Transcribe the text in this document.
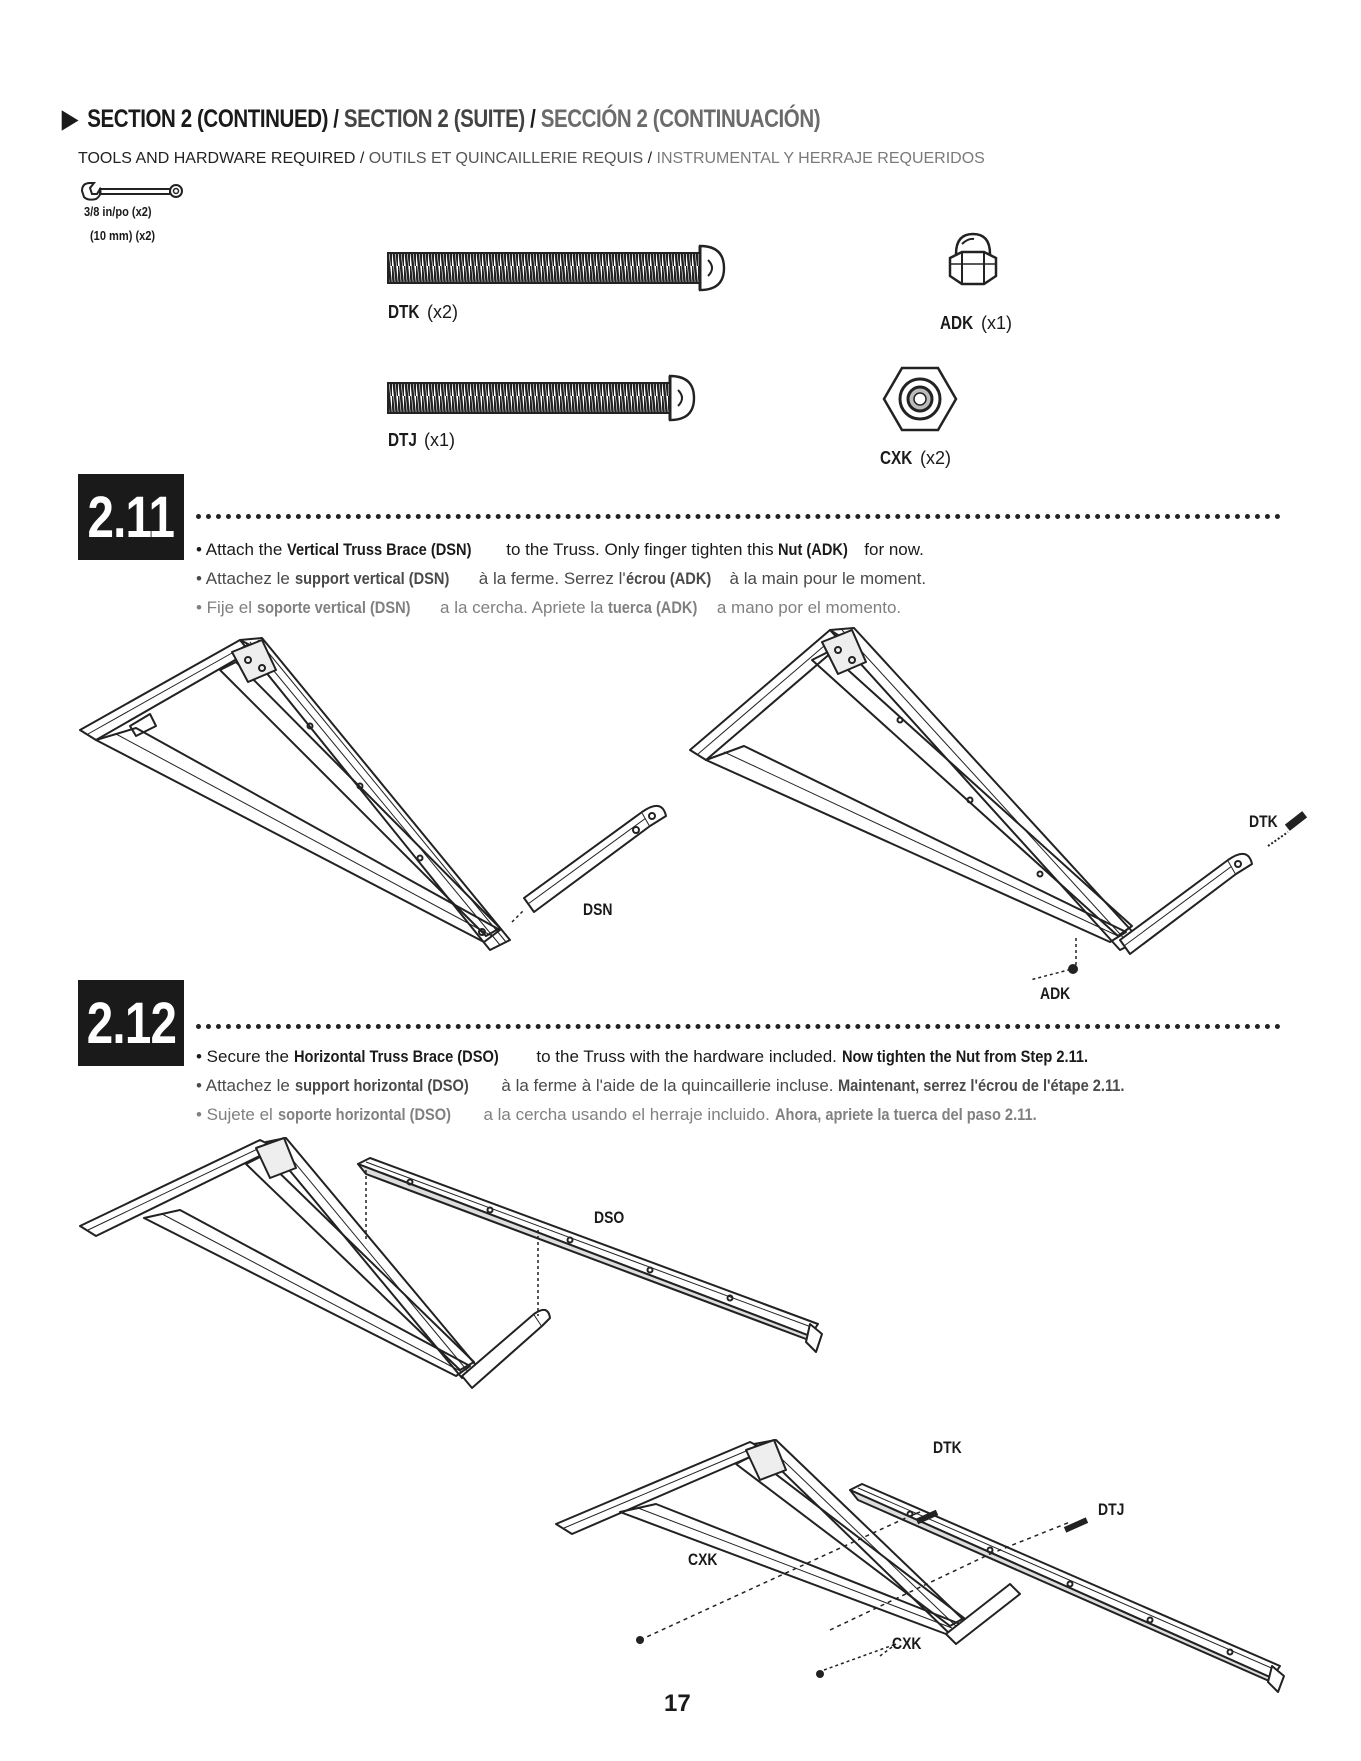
▶ SECTION 2 (CONTINUED) / SECTION 2 (SUITE) / SECCIÓN 2 (CONTINUACIÓN)
TOOLS AND HARDWARE REQUIRED / OUTILS ET QUINCAILLERIE REQUIS / INSTRUMENTAL Y HERRAJE REQUERIDOS
3/8 in/po (x2)
(10 mm) (x2)
DTK (x2)
ADK (x1)
DTJ (x1)
CXK (x2)
2.11 • Attach the Vertical Truss Brace (DSN) to the Truss. Only finger tighten this Nut (ADK) for now.
• Attachez le support vertical (DSN) à la ferme. Serrez l'écrou (ADK) à la main pour le moment.
• Fije el soporte vertical (DSN) a la cercha. Apriete la tuerca (ADK) a mano por el momento.
DSN
DTK
ADK
2.12
• Secure the Horizontal Truss Brace (DSO) to the Truss with the hardware included. Now tighten the Nut from Step 2.11.
• Attachez le support horizontal (DSO) à la ferme à l'aide de la quincaillerie incluse. Maintenant, serrez l'écrou de l'étape 2.11.
• Sujete el soporte horizontal (DSO) a la cercha usando el herraje incluido. Ahora, apriete la tuerca del paso 2.11.
DSO
DTK
DTJ
CXK
CXK
17
